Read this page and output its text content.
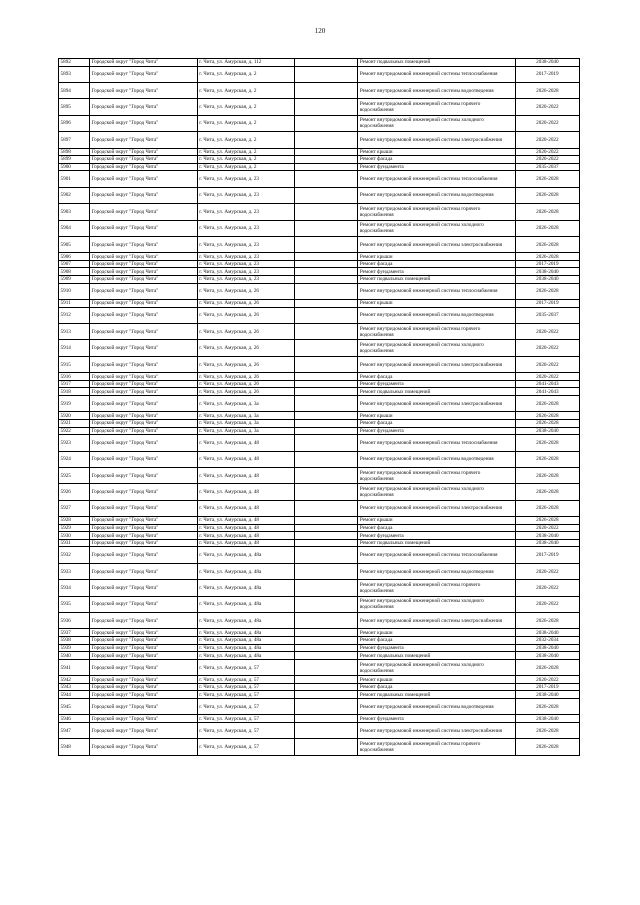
120
5892	Городской округ "Город Чита"	г. Чита, ул. Амурская, д. 112		Ремонт подвальных помещений	2038-2040
5893	Городской округ "Город Чита"	г. Чита, ул. Амурская, д. 2		Ремонт внутридомовой инженерной системы теплоснабжения	2017-2019
5894	Городской округ "Город Чита"	г. Чита, ул. Амурская, д. 2		Ремонт внутридомовой инженерной системы водоотведения	2026-2028
5895	Городской округ "Город Чита"	г. Чита, ул. Амурская, д. 2		Ремонт внутридомовой инженерной системы горячего водоснабжения	2020-2022
5896	Городской округ "Город Чита"	г. Чита, ул. Амурская, д. 2		Ремонт внутридомовой инженерной системы холодного водоснабжения	2020-2022
5897	Городской округ "Город Чита"	г. Чита, ул. Амурская, д. 2		Ремонт внутридомовой инженерной системы электроснабжения	2020-2022
5898	Городской округ "Город Чита"	г. Чита, ул. Амурская, д. 2		Ремонт крыши	2020-2022
5899	Городской округ "Город Чита"	г. Чита, ул. Амурская, д. 2		Ремонт фасада	2020-2022
5900	Городской округ "Город Чита"	г. Чита, ул. Амурская, д. 2		Ремонт фундамента	2035-2037
5901	Городской округ "Город Чита"	г. Чита, ул. Амурская, д. 23		Ремонт внутридомовой инженерной системы теплоснабжения	2026-2028
5902	Городской округ "Город Чита"	г. Чита, ул. Амурская, д. 23		Ремонт внутридомовой инженерной системы водоотведения	2026-2028
5903	Городской округ "Город Чита"	г. Чита, ул. Амурская, д. 23		Ремонт внутридомовой инженерной системы горячего водоснабжения	2026-2028
5904	Городской округ "Город Чита"	г. Чита, ул. Амурская, д. 23		Ремонт внутридомовой инженерной системы холодного водоснабжения	2026-2028
5905	Городской округ "Город Чита"	г. Чита, ул. Амурская, д. 23		Ремонт внутридомовой инженерной системы электроснабжения	2026-2028
5906	Городской округ "Город Чита"	г. Чита, ул. Амурская, д. 23		Ремонт крыши	2026-2028
5907	Городской округ "Город Чита"	г. Чита, ул. Амурская, д. 23		Ремонт фасада	2017-2019
5908	Городской округ "Город Чита"	г. Чита, ул. Амурская, д. 23		Ремонт фундамента	2038-2040
5909	Городской округ "Город Чита"	г. Чита, ул. Амурская, д. 23		Ремонт подвальных помещений	2038-2040
5910	Городской округ "Город Чита"	г. Чита, ул. Амурская, д. 26		Ремонт внутридомовой инженерной системы теплоснабжения	2026-2028
5911	Городской округ "Город Чита"	г. Чита, ул. Амурская, д. 26		Ремонт крыши	2017-2019
5912	Городской округ "Город Чита"	г. Чита, ул. Амурская, д. 26		Ремонт внутридомовой инженерной системы водоотведения	2035-2037
5913	Городской округ "Город Чита"	г. Чита, ул. Амурская, д. 26		Ремонт внутридомовой инженерной системы горячего водоснабжения	2020-2022
5914	Городской округ "Город Чита"	г. Чита, ул. Амурская, д. 26		Ремонт внутридомовой инженерной системы холодного водоснабжения	2020-2022
5915	Городской округ "Город Чита"	г. Чита, ул. Амурская, д. 26		Ремонт внутридомовой инженерной системы электроснабжения	2020-2022
5916	Городской округ "Город Чита"	г. Чита, ул. Амурская, д. 26		Ремонт фасада	2020-2022
5917	Городской округ "Город Чита"	г. Чита, ул. Амурская, д. 26		Ремонт фундамента	2041-2043
5918	Городской округ "Город Чита"	г. Чита, ул. Амурская, д. 26		Ремонт подвальных помещений	2041-2043
5919	Городской округ "Город Чита"	г. Чита, ул. Амурская, д. 3а		Ремонт внутридомовой инженерной системы электроснабжения	2026-2028
5920	Городской округ "Город Чита"	г. Чита, ул. Амурская, д. 3а		Ремонт крыши	2026-2028
5921	Городской округ "Город Чита"	г. Чита, ул. Амурская, д. 3а		Ремонт фасада	2026-2028
5922	Городской округ "Город Чита"	г. Чита, ул. Амурская, д. 3а		Ремонт фундамента	2038-2040
5923	Городской округ "Город Чита"	г. Чита, ул. Амурская, д. 48		Ремонт внутридомовой инженерной системы теплоснабжения	2026-2028
5924	Городской округ "Город Чита"	г. Чита, ул. Амурская, д. 48		Ремонт внутридомовой инженерной системы водоотведения	2026-2028
5925	Городской округ "Город Чита"	г. Чита, ул. Амурская, д. 48		Ремонт внутридомовой инженерной системы горячего водоснабжения	2026-2028
5926	Городской округ "Город Чита"	г. Чита, ул. Амурская, д. 48		Ремонт внутридомовой инженерной системы холодного водоснабжения	2026-2028
5927	Городской округ "Город Чита"	г. Чита, ул. Амурская, д. 48		Ремонт внутридомовой инженерной системы электроснабжения	2026-2028
5928	Городской округ "Город Чита"	г. Чита, ул. Амурская, д. 48		Ремонт крыши	2026-2028
5929	Городской округ "Город Чита"	г. Чита, ул. Амурская, д. 48		Ремонт фасада	2020-2022
5930	Городской округ "Город Чита"	г. Чита, ул. Амурская, д. 48		Ремонт фундамента	2038-2040
5931	Городской округ "Город Чита"	г. Чита, ул. Амурская, д. 48		Ремонт подвальных помещений	2038-2040
5932	Городской округ "Город Чита"	г. Чита, ул. Амурская, д. 48а		Ремонт внутридомовой инженерной системы теплоснабжения	2017-2019
5933	Городской округ "Город Чита"	г. Чита, ул. Амурская, д. 48а		Ремонт внутридомовой инженерной системы водоотведения	2020-2022
5934	Городской округ "Город Чита"	г. Чита, ул. Амурская, д. 48а		Ремонт внутридомовой инженерной системы горячего водоснабжения	2020-2022
5935	Городской округ "Город Чита"	г. Чита, ул. Амурская, д. 48а		Ремонт внутридомовой инженерной системы холодного водоснабжения	2020-2022
5936	Городской округ "Город Чита"	г. Чита, ул. Амурская, д. 48а		Ремонт внутридомовой инженерной системы электроснабжения	2026-2028
5937	Городской округ "Город Чита"	г. Чита, ул. Амурская, д. 48а		Ремонт крыши	2038-2040
5938	Городской округ "Город Чита"	г. Чита, ул. Амурская, д. 48а		Ремонт фасада	2032-2034
5939	Городской округ "Город Чита"	г. Чита, ул. Амурская, д. 48а		Ремонт фундамента	2038-2040
5940	Городской округ "Город Чита"	г. Чита, ул. Амурская, д. 48а		Ремонт подвальных помещений	2038-2040
5941	Городской округ "Город Чита"	г. Чита, ул. Амурская, д. 57		Ремонт внутридомовой инженерной системы холодного водоснабжения	2026-2028
5942	Городской округ "Город Чита"	г. Чита, ул. Амурская, д. 57		Ремонт крыши	2020-2022
5943	Городской округ "Город Чита"	г. Чита, ул. Амурская, д. 57		Ремонт фасада	2017-2019
5944	Городской округ "Город Чита"	г. Чита, ул. Амурская, д. 57		Ремонт подвальных помещений	2038-2040
5945	Городской округ "Город Чита"	г. Чита, ул. Амурская, д. 57		Ремонт внутридомовой инженерной системы водоотведения	2026-2028
5946	Городской округ "Город Чита"	г. Чита, ул. Амурская, д. 57		Ремонт фундамента	2038-2040
5947	Городской округ "Город Чита"	г. Чита, ул. Амурская, д. 57		Ремонт внутридомовой инженерной системы электроснабжения	2026-2028
5948	Городской округ "Город Чита"	г. Чита, ул. Амурская, д. 57		Ремонт внутридомовой инженерной системы горячего водоснабжения	2026-2028
